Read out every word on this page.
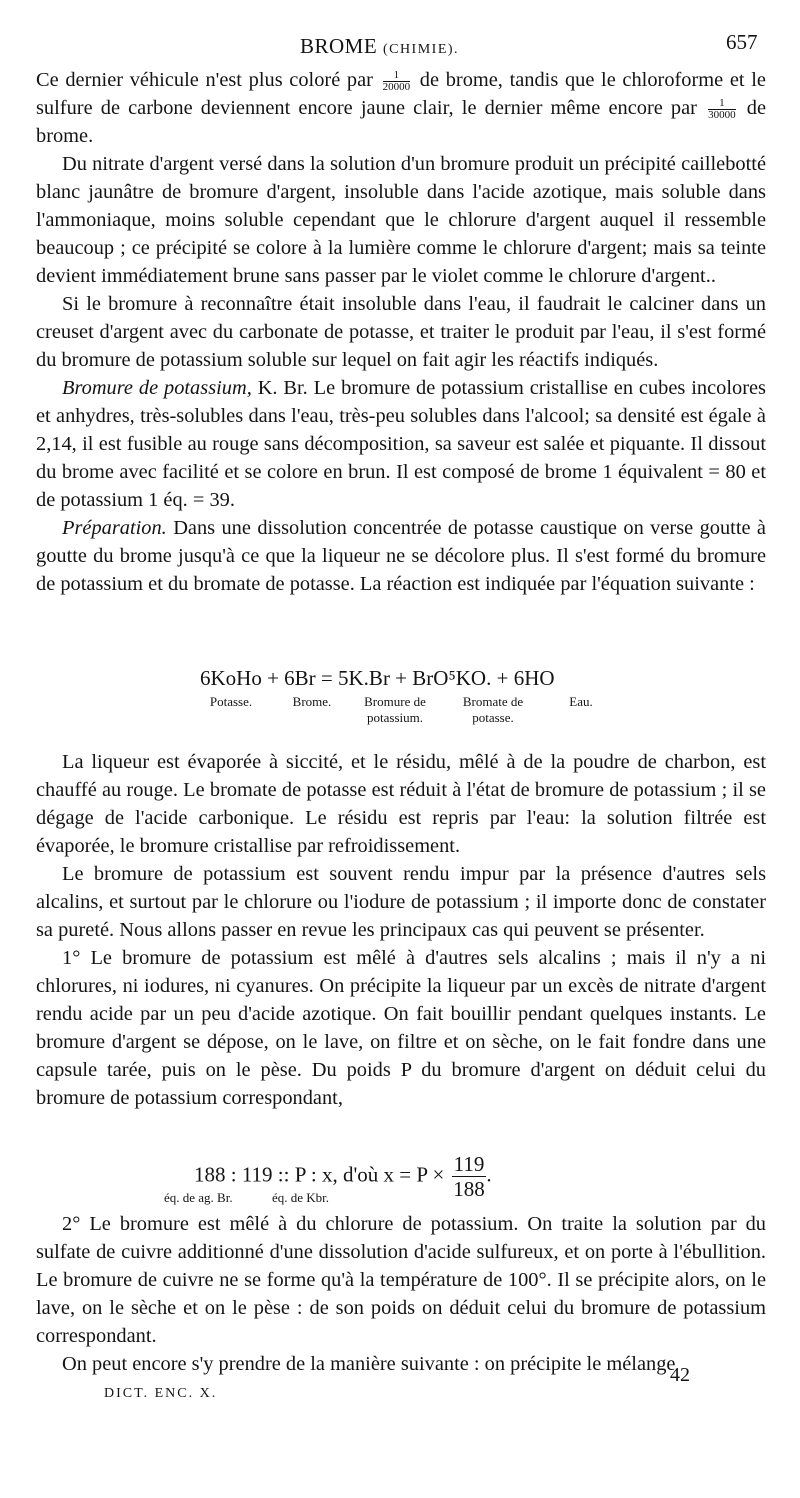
BROME (CHIMIE).	657

Ce dernier véhicule n'est plus coloré par $\frac{1}{20000}$ de brome, tandis que le chloroforme et le sulfure de carbone deviennent encore jaune clair, le dernier même encore par $\frac{1}{30000}$ de brome.

Du nitrate d'argent versé dans la solution d'un bromure produit un précipité caillebotté blanc jaunâtre de bromure d'argent, insoluble dans l'acide azotique, mais soluble dans l'ammoniaque, moins soluble cependant que le chlorure d'argent auquel il ressemble beaucoup ; ce précipité se colore à la lumière comme le chlorure d'argent; mais sa teinte devient immédiatement brune sans passer par le violet comme le chlorure d'argent..

Si le bromure à reconnaître était insoluble dans l'eau, il faudrait le calciner dans un creuset d'argent avec du carbonate de potasse, et traiter le produit par l'eau, il s'est formé du bromure de potassium soluble sur lequel on fait agir les réactifs indiqués.

Bromure de potassium, K. Br. Le bromure de potassium cristallise en cubes incolores et anhydres, très-solubles dans l'eau, très-peu solubles dans l'alcool; sa densité est égale à 2,14, il est fusible au rouge sans décomposition, sa saveur est salée et piquante. Il dissout du brome avec facilité et se colore en brun. Il est composé de brome 1 équivalent = 80 et de potassium 1 éq. = 39.

Préparation. Dans une dissolution concentrée de potasse caustique on verse goutte à goutte du brome jusqu'à ce que la liqueur ne se décolore plus. Il s'est formé du bromure de potassium et du bromate de potasse. La réaction est indiquée par l'équation suivante :

6KoHo + 6Br = 5K.Br + BrO⁵KO. + 6HO
Potasse.	Brome.	Bromure de
potassium.
Bromate de
potasse.
Eau.

La liqueur est évaporée à siccité, et le résidu, mêlé à de la poudre de charbon, est chauffé au rouge. Le bromate de potasse est réduit à l'état de bromure de potassium ; il se dégage de l'acide carbonique. Le résidu est repris par l'eau: la solution filtrée est évaporée, le bromure cristallise par refroidissement.

Le bromure de potassium est souvent rendu impur par la présence d'autres sels alcalins, et surtout par le chlorure ou l'iodure de potassium ; il importe donc de constater sa pureté. Nous allons passer en revue les principaux cas qui peuvent se présenter.

1° Le bromure de potassium est mêlé à d'autres sels alcalins ; mais il n'y a ni chlorures, ni iodures, ni cyanures. On précipite la liqueur par un excès de nitrate d'argent rendu acide par un peu d'acide azotique. On fait bouillir pendant quelques instants. Le bromure d'argent se dépose, on le lave, on filtre et on sèche, on le fait fondre dans une capsule tarée, puis on le pèse. Du poids P du bromure d'argent on déduit celui du bromure de potassium correspondant,

188 : 119 :: P : x, d'où $x = P \times \frac{119}{188}$ .
éq. de ag. Br.	éq. de Kbr.

2° Le bromure est mêlé à du chlorure de potassium. On traite la solution par du sulfate de cuivre additionné d'une dissolution d'acide sulfureux, et on porte à l'ébullition. Le bromure de cuivre ne se forme qu'à la température de 100°. Il se précipite alors, on le lave, on le sèche et on le pèse : de son poids on déduit celui du bromure de potassium correspondant.

On peut encore s'y prendre de la manière suivante : on précipite le mélange

DICT. ENC. X.
42
